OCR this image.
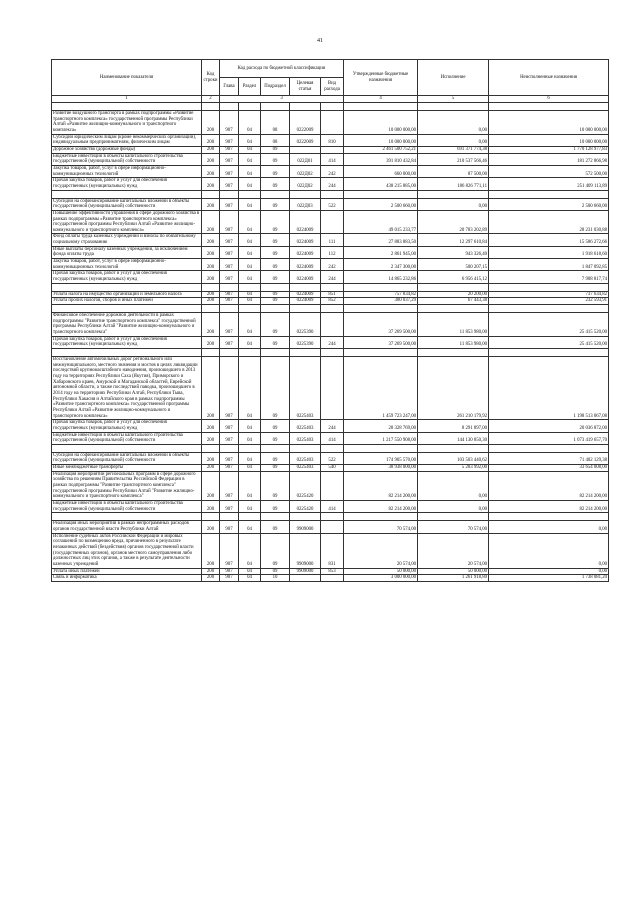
41
Наименование показателя	Код строки	Код расхода по бюджетной классификации					Утвержденные бюджетные назначения	Исполнение	Неисполненные назначения
		Глава	Раздел	Подраздел	Целевая статья	Вид расхода			
1	2	3					4	5	6

Развитие воздушного транспорта в рамках подпрограммы «Развитие транспортного комплекса» государственной программы Республики Алтай «Развитие жилищно-коммунального и транспортного комплекса»	200	907	04	08	0222009		10 000 000,00	0,00	10 000 000,00
Субсидии юридическим лицам (кроме некоммерческих организаций), индивидуальным предпринимателям, физическим лицам	200	907	04	08	0222009	810	10 000 000,00	0,00	10 000 000,00
Дорожное хозяйство (дорожные фонды)	200	907	04	09			2 461 500 752,21	691 371 774,38	1 770 128 977,83
Бюджетные инвестиции в объекты капитального строительства государственной (муниципальной) собственности	200	907	04	09	022Д01	414	391 810 432,84	210 537 566,46	181 272 866,98
Закупка товаров, работ, услуг в сфере информационно-коммуникационных технологий	200	907	04	09	022Д02	242	660 000,00	87 500,00	572 500,00
Прочая закупка товаров, работ и услуг для обеспечения государственных (муниципальных) нужд	200	907	04	09	022Д02	244	438 215 885,00	186 826 771,11	251 409 113,89

Субсидии на софинансирование капитальных вложений в объекты государственной (муниципальной) собственности	200	907	04	09	022Д03	522	2 500 660,00	0,00	2 500 660,00
Повышение эффективности управления в сфере дорожного хозяйства в рамках подпрограммы «Развитие транспортного комплекса» государственной программы Республики Алтай «Развитие жилищно-коммунального и транспортного комплекса»	200	907	04	09	0224009		49 015 233,77	20 783 202,89	28 231 030,88
Фонд оплаты труда казенных учреждений и взносы по обязательному социальному страхованию	200	907	04	09	0224009	111	27 883 883,50	12 297 610,84	15 586 272,66
Иные выплаты персоналу казенных учреждений, за исключением фонда оплаты труда	200	907	04	09	0224009	112	2 861 945,00	943 326,40	1 918 618,60
Закупка товаров, работ, услуг в сфере информационно-коммуникационных технологий	200	907	04	09	0224009	242	2 347 300,00	500 207,15	1 847 092,85
Прочая закупка товаров, работ и услуг для обеспечения государственных (муниципальных) нужд	200	907	04	09	0224009	244	14 865 232,86	6 956 415,12	7 908 817,74

Уплата налога на имущество организаций и земельного налога	200	907	04	09	0224009	851	757 834,82	20 200,00	737 634,82
Уплата прочих налогов, сборов и иных платежей	200	907	04	09	0224009	852	300 037,29	67 443,38	232 593,91

Финансовое обеспечение дорожной деятельности в рамках подпрограммы "Развитие транспортного комплекса" государственной программы Республики Алтай "Развитие жилищно-коммунального и транспортного комплекса"	200	907	04	09	0225390		37 269 500,00	11 853 980,00	25 415 520,00
Прочая закупка товаров, работ и услуг для обеспечения государственных (муниципальных) нужд	200	907	04	09	0225390	244	37 269 500,00	11 853 980,00	25 415 520,00

Восстановление автомобильных дорог регионального или межмуниципального, местного значения и мостов в целях ликвидации последствий крупномасштабного наводнения, произошедшего в 2013 году на территориях Республики Саха (Якутия), Приморского и Хабаровского краев, Амурской и Магаданской областей, Еврейской автономной области, а также последствий паводка, произошедшего в 2014 году на территориях Республики Алтай, Республики Тыва, Республики Хакасия и Алтайского края в рамках подпрограммы «Развитие транспортного комплекса» государственной программы Республики Алтай «Развитие жилищно-коммунального и транспортного комплекса»	200	907	04	09	0225403		1 459 723 247,00	261 210 179,92	1 198 513 067,08
Прочая закупка товаров, работ и услуг для обеспечения государственных (муниципальных) нужд	200	907	04	09	0225403	244	28 328 769,00	8 291 897,00	20 036 872,00
Бюджетные инвестиции в объекты капитального строительства государственной (муниципальной) собственности	200	907	04	09	0225403	414	1 217 550 908,00	144 130 850,30	1 073 419 657,70

Субсидии на софинансирование капитальных вложений в объекты государственной (муниципальной) собственности	200	907	04	09	0225403	522	174 905 570,00	103 503 440,62	71 402 129,38
Иные межбюджетные трансферты	200	907	04	09	0225403	540	38 938 000,00	5 283 992,00	33 654 008,00
Реализация мероприятий региональных программ в сфере дорожного хозяйства по решениям Правительства Российской Федерации в рамках подпрограммы "Развитие транспортного комплекса" государственной программы Республики Алтай "Развитие жилищно-коммунального и транспортного комплекса"	200	907	04	09	0225420		82 214 200,00	0,00	82 214 200,00
Бюджетные инвестиции в объекты капитального строительства государственной (муниципальной) собственности	200	907	04	09	0225420	414	82 214 200,00	0,00	82 214 200,00

Реализация иных мероприятий в рамках непрограммных расходов органов государственной власти Республики Алтай	200	907	04	09	9909000		70 574,00	70 574,00	0,00
Исполнение судебных актов Российской Федерации и мировых соглашений по возмещению вреда, причиненного в результате незаконных действий (бездействия) органов государственной власти (государственных органов), органов местного самоуправления либо должностных лиц этих органов, а также в результате деятельности казенных учреждений	200	907	04	09	9909000	831	20 574,00	20 574,00	0,00
Уплата иных платежей	200	907	04	09	9909000	853	50 000,00	50 000,00	0,00
Связь и информатика	200	907	04	10			3 000 000,00	1 261 918,80	1 738 081,20
